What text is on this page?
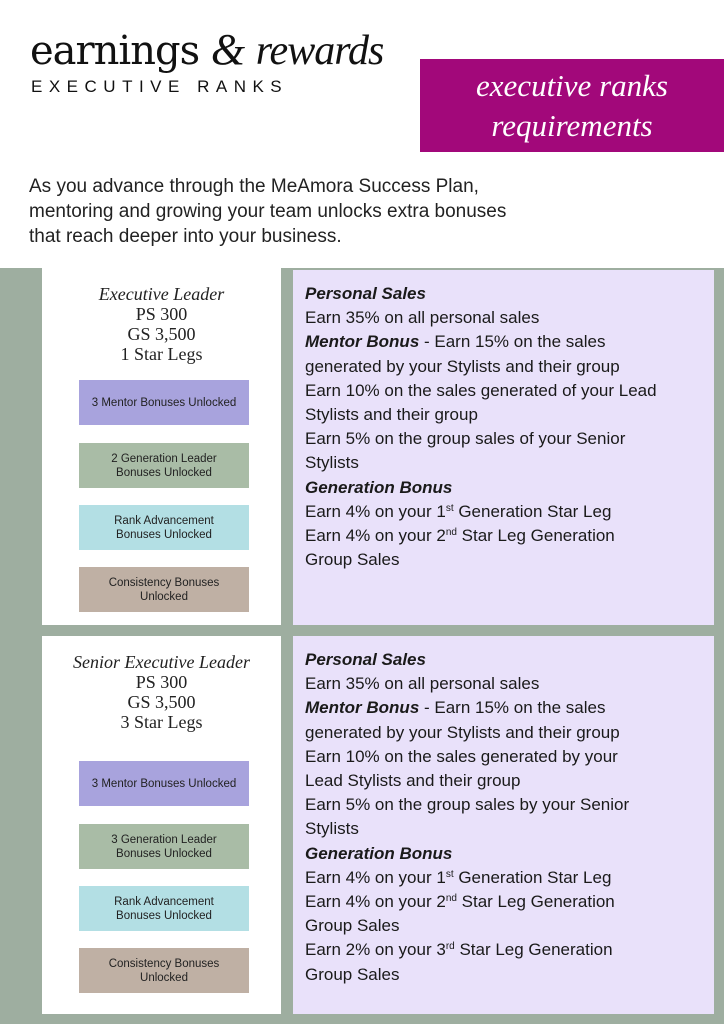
earnings & rewards
EXECUTIVE RANKS	executive ranks
requirements
As you advance through the MeAmora Success Plan,
mentoring and growing your team unlocks extra bonuses
that reach deeper into your business.
Executive Leader
PS 300
GS 3,500
1 Star Legs
3 Mentor Bonuses Unlocked
2 Generation Leader
Bonuses Unlocked
Rank Advancement
Bonuses Unlocked
Consistency Bonuses
Unlocked
Personal Sales
Earn 35% on all personal sales
Mentor Bonus - Earn 15% on the sales
generated by your Stylists and their group
Earn 10% on the sales generated of your Lead
Stylists and their group
Earn 5% on the group sales of your Senior
Stylists
Generation Bonus
Earn 4% on your 1st Generation Star Leg
Earn 4% on your 2nd Star Leg Generation
Group Sales
Senior Executive Leader
PS 300
GS 3,500
3 Star Legs
3 Mentor Bonuses Unlocked
3 Generation Leader
Bonuses Unlocked
Rank Advancement
Bonuses Unlocked
Consistency Bonuses
Unlocked
Personal Sales
Earn 35% on all personal sales
Mentor Bonus - Earn 15% on the sales
generated by your Stylists and their group
Earn 10% on the sales generated by your
Lead Stylists and their group
Earn 5% on the group sales by your Senior
Stylists
Generation Bonus
Earn 4% on your 1st Generation Star Leg
Earn 4% on your 2nd Star Leg Generation
Group Sales
Earn 2% on your 3rd Star Leg Generation
Group Sales
